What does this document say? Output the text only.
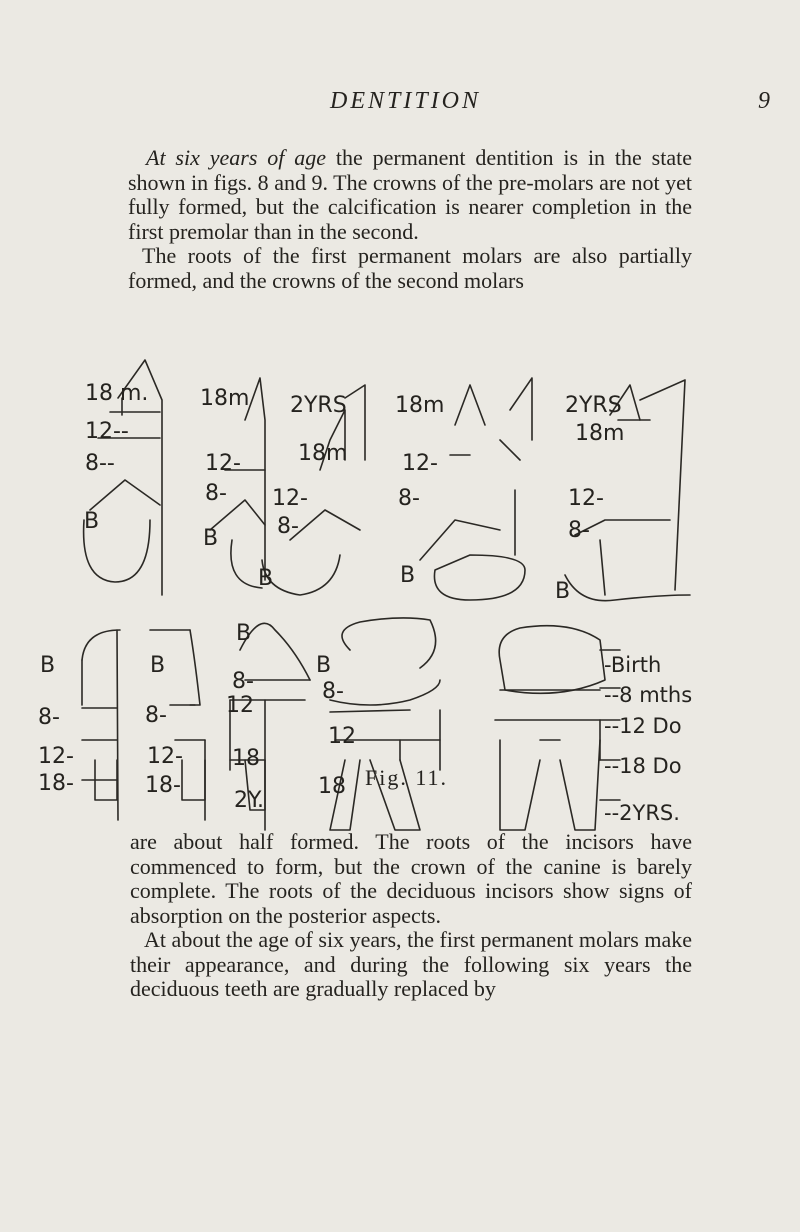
DENTITION	9

At six years of age the permanent dentition is in the state shown in figs. 8 and 9. The crowns of the pre-molars are not yet fully formed, but the calcification is nearer completion in the first premolar than in the second.

The roots of the first permanent molars are also partially formed, and the crowns of the second molars

18 m.
12--
8--
B
18m
12-
8-
B
2YRS
18m
12-
8-
B
18m
12-
8-
B
2YRS
18m
12-
8-
B
B
8-
12-
18-
B
8-
12-
18-
B
8-
12
18
2Y.
B
8-
12
18
-Birth
--8 mths
--12 Do
--18 Do
--2YRS.
Fig. 11.

are about half formed. The roots of the incisors have commenced to form, but the crown of the canine is barely complete. The roots of the deciduous incisors show signs of absorption on the posterior aspects.

At about the age of six years, the first permanent molars make their appearance, and during the following six years the deciduous teeth are gradually replaced by
